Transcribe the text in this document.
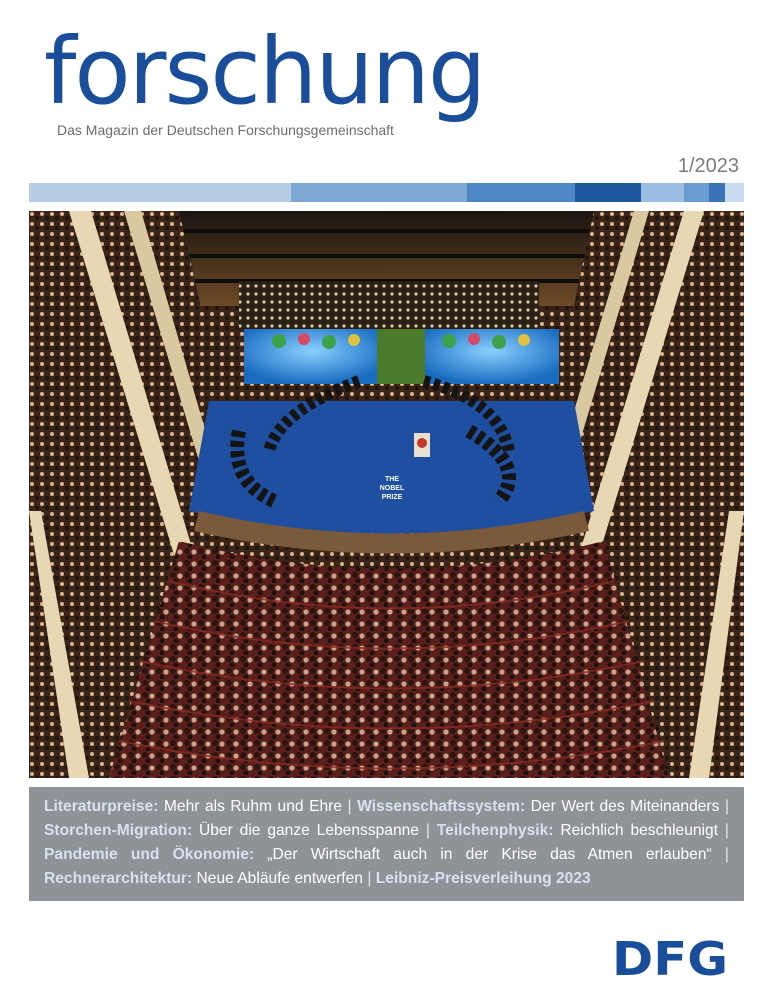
forschung
Das Magazin der Deutschen Forschungsgemeinschaft
1/2023
THE
NOBEL
PRIZE
Literaturpreise: Mehr als Ruhm und Ehre | Wissenschaftssystem: Der Wert des Miteinanders | Storchen-Migration: Über die ganze Lebensspanne | Teilchenphysik: Reichlich beschleunigt | Pandemie und Ökonomie: „Der Wirtschaft auch in der Krise das Atmen erlauben“ | Rechnerarchitektur: Neue Abläufe entwerfen | Leibniz-Preisverleihung 2023
DFG
